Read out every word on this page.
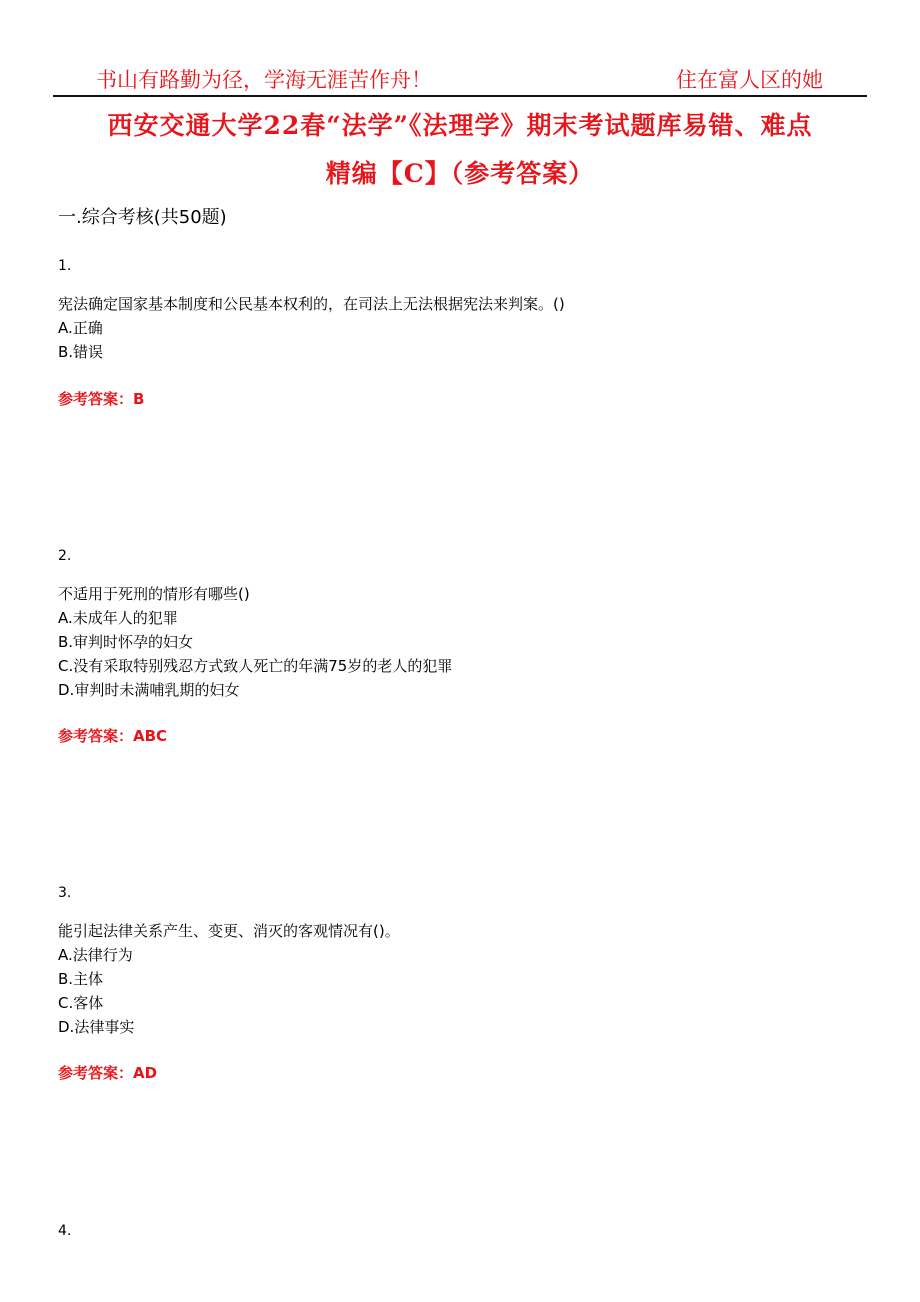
书山有路勤为径，学海无涯苦作舟！	住在富人区的她
西安交通大学22春“法学”《法理学》期末考试题库易错、难点
精编【C】（参考答案）
一.综合考核(共50题)
1.
宪法确定国家基本制度和公民基本权利的，在司法上无法根据宪法来判案。()
A.正确
B.错误
参考答案：B
2.
不适用于死刑的情形有哪些()
A.未成年人的犯罪
B.审判时怀孕的妇女
C.没有采取特别残忍方式致人死亡的年满75岁的老人的犯罪
D.审判时未满哺乳期的妇女
参考答案：ABC
3.
能引起法律关系产生、变更、消灭的客观情况有()。
A.法律行为
B.主体
C.客体
D.法律事实
参考答案：AD
4.
